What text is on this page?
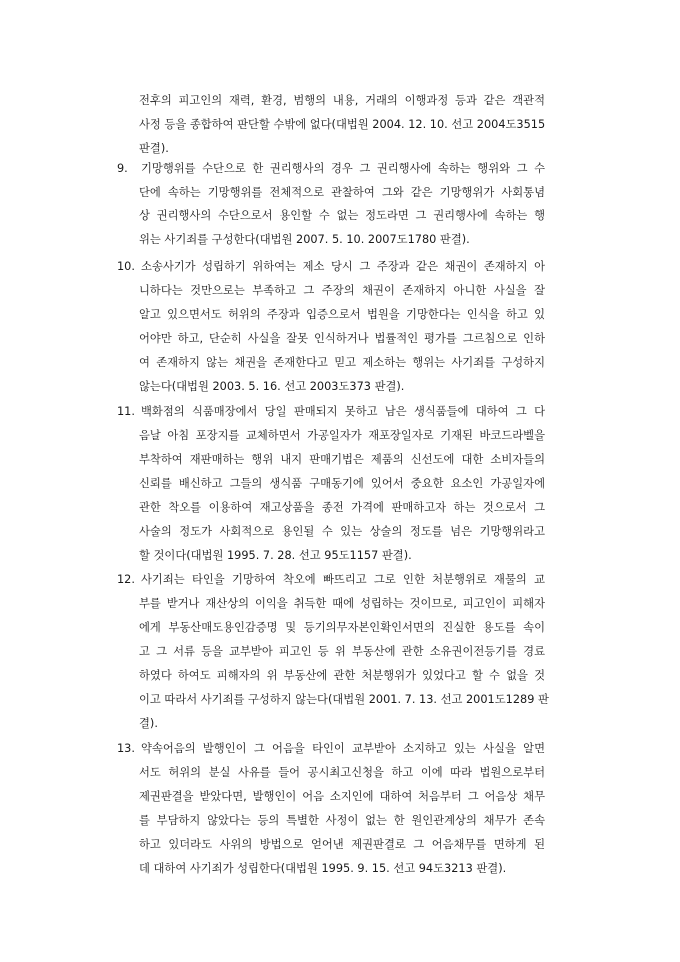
전후의 피고인의 재력, 환경, 범행의 내용, 거래의 이행과정 등과 같은 객관적
사정 등을 종합하여 판단할 수밖에 없다(대법원 2004. 12. 10. 선고 2004도3515
판결).
9.	기망행위를 수단으로 한 권리행사의 경우 그 권리행사에 속하는 행위와 그 수
단에 속하는 기망행위를 전체적으로 관찰하여 그와 같은 기망행위가 사회통념
상 권리행사의 수단으로서 용인할 수 없는 정도라면 그 권리행사에 속하는 행
위는 사기죄를 구성한다(대법원 2007. 5. 10. 2007도1780 판결).
10. 소송사기가 성립하기 위하여는 제소 당시 그 주장과 같은 채권이 존재하지 아
니하다는 것만으로는 부족하고 그 주장의 채권이 존재하지 아니한 사실을 잘
알고 있으면서도 허위의 주장과 입증으로서 법원을 기망한다는 인식을 하고 있
어야만 하고, 단순히 사실을 잘못 인식하거나 법률적인 평가를 그르침으로 인하
여 존재하지 않는 채권을 존재한다고 믿고 제소하는 행위는 사기죄를 구성하지
않는다(대법원 2003. 5. 16. 선고 2003도373 판결).
11. 백화점의 식품매장에서 당일 판매되지 못하고 남은 생식품들에 대하여 그 다
음날 아침 포장지를 교체하면서 가공일자가 재포장일자로 기재된 바코드라벨을
부착하여 재판매하는 행위 내지 판매기법은 제품의 신선도에 대한 소비자들의
신뢰를 배신하고 그들의 생식품 구매동기에 있어서 중요한 요소인 가공일자에
관한 착오를 이용하여 재고상품을 종전 가격에 판매하고자 하는 것으로서 그
사술의 정도가 사회적으로 용인될 수 있는 상술의 정도를 넘은 기망행위라고
할 것이다(대법원 1995. 7. 28. 선고 95도1157 판결).
12. 사기죄는 타인을 기망하여 착오에 빠뜨리고 그로 인한 처분행위로 재물의 교
부를 받거나 재산상의 이익을 취득한 때에 성립하는 것이므로, 피고인이 피해자
에게 부동산매도용인감증명 및 등기의무자본인확인서면의 진실한 용도를 속이
고 그 서류 등을 교부받아 피고인 등 위 부동산에 관한 소유권이전등기를 경료
하였다 하여도 피해자의 위 부동산에 관한 처분행위가 있었다고 할 수 없을 것
이고 따라서 사기죄를 구성하지 않는다(대법원 2001. 7. 13. 선고 2001도1289 판
결).
13. 약속어음의 발행인이 그 어음을 타인이 교부받아 소지하고 있는 사실을 알면
서도 허위의 분실 사유를 들어 공시최고신청을 하고 이에 따라 법원으로부터
제권판결을 받았다면, 발행인이 어음 소지인에 대하여 처음부터 그 어음상 채무
를 부담하지 않았다는 등의 특별한 사정이 없는 한 원인관계상의 채무가 존속
하고 있더라도 사위의 방법으로 얻어낸 제권판결로 그 어음채무를 면하게 된
데 대하여 사기죄가 성립한다(대법원 1995. 9. 15. 선고 94도3213 판결).
